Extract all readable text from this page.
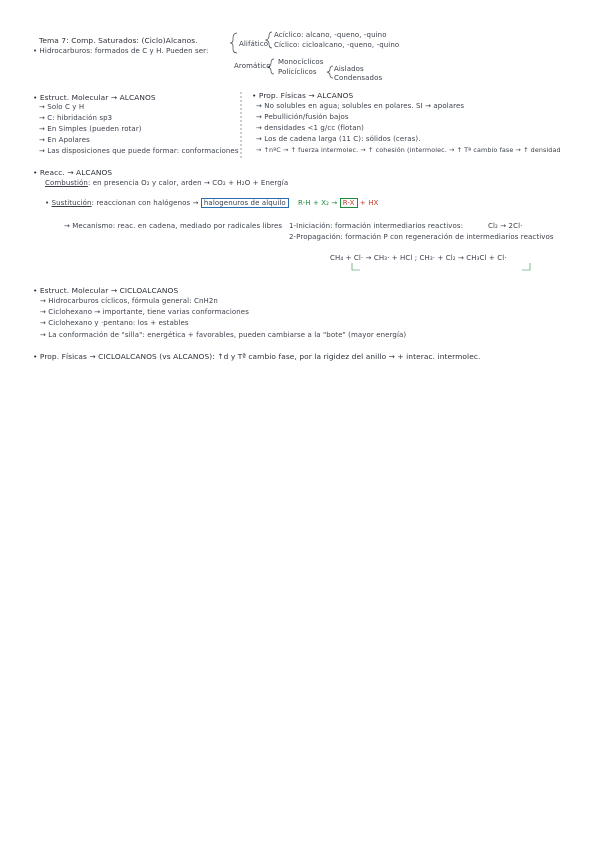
Tema 7: Comp. Saturados: (Ciclo)Alcanos.
• Hidrocarburos: formados de C y H. Pueden ser:
Alifático
Acíclico: alcano, -queno, -quino
Cíclico: cicloalcano, -queno, -quino
Aromático Monocíclicos
Policíclicos Aislados
Condensados
• Estruct. Molecular → ALCANOS
→ Solo C y H
→ C: hibridación sp3
→ En Simples (pueden rotar)
→ En Apolares
→ Las disposiciones que puede formar: conformaciones
• Prop. Físicas → ALCANOS
→ No solubles en agua; solubles en polares. SI → apolares
→ Pebullición/fusión bajos
→ densidades <1 g/cc (flotan)
→ Los de cadena larga (11 C): sólidos (ceras).
→ ↑nºC → ↑ fuerza intermolec. → ↑ cohesión (intermolec. → ↑ Tª cambio fase → ↑ densidad
• Reacc. → ALCANOS
Combustión: en presencia O₂ y calor, arden → CO₂ + H₂O + Energía
• Sustitución: reaccionan con halógenos → halogenuros de alquilo	R-H + X₂ → R-X + HX
→ Mecanismo: reac. en cadena, mediado por radicales libres 1-Iniciación: formación intermediarios reactivos:	Cl₂ → 2Cl·
2-Propagación: formación P con regeneración de intermediarios reactivos
CH₄ + Cl· → CH₃· + HCl ; CH₃· + Cl₂ → CH₃Cl + Cl·
• Estruct. Molecular → CICLOALCANOS
→ Hidrocarburos cíclicos, fórmula general: CnH2n
→ Ciclohexano → importante, tiene varias conformaciones
→ Ciclohexano y ·pentano: los + estables
→ La conformación de "silla": energética + favorables, pueden cambiarse a la "bote" (mayor energía)
• Prop. Físicas → CICLOALCANOS (vs ALCANOS): ↑d y Tª cambio fase, por la rigidez del anillo → + interac. intermolec.
